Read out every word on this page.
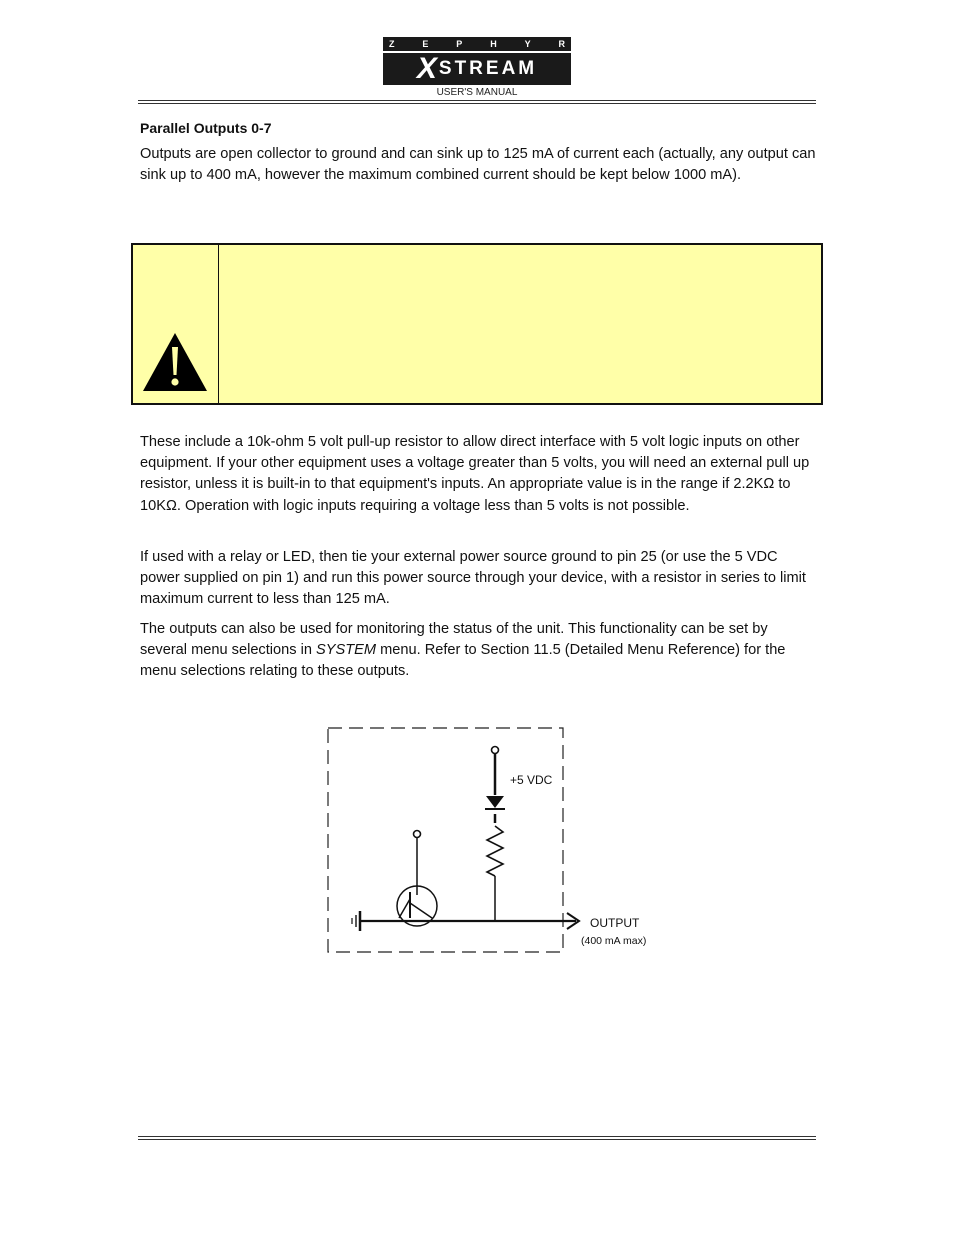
Z	E	P	H	Y	R
X STREAM
USER'S MANUAL
Parallel Outputs 0-7
Outputs are open collector to ground and can sink up to 125 mA of current each (actually, any output can sink up to 400 mA, however the maximum combined current should be kept below 1000 mA).
These include a 10k-ohm 5 volt pull-up resistor to allow direct interface with 5 volt logic inputs on other equipment. If your other equipment uses a voltage greater than 5 volts, you will need an external pull up resistor, unless it is built-in to that equipment's inputs. An appropriate value is in the range if 2.2KΩ to 10KΩ. Operation with logic inputs requiring a voltage less than 5 volts is not possible.
If used with a relay or LED, then tie your external power source ground to pin 25 (or use the 5 VDC power supplied on pin 1) and run this power source through your device, with a resistor in series to limit maximum current to less than 125 mA.
The outputs can also be used for monitoring the status of the unit. This functionality can be set by several menu selections in SYSTEM menu. Refer to Section 11.5 (Detailed Menu Reference) for the menu selections relating to these outputs.
+5 VDC
OUTPUT
(400 mA max)
